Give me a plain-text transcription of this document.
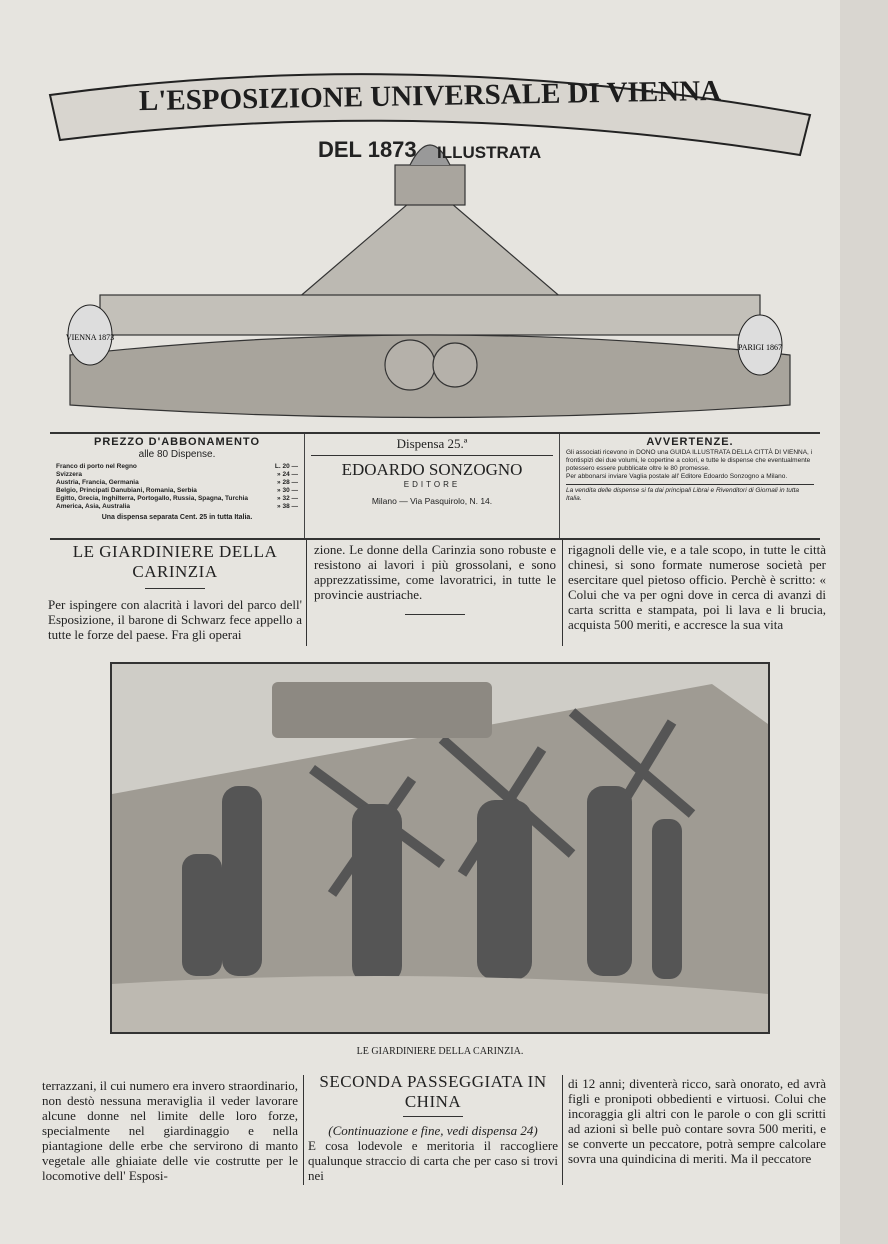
VIENNA 1873
PARIGI 1867
L'ESPOSIZIONE UNIVERSALE DI VIENNA
DEL 1873 ILLUSTRATA
PREZZO D'ABBONAMENTO
alle 80 Dispense.
Franco di porto nel Regno	L. 20 —
Svizzera	» 24 —
Austria, Francia, Germania	» 28 —
Belgio, Principati Danubiani, Romania, Serbia	» 30 —
Egitto, Grecia, Inghilterra, Portogallo, Russia, Spagna, Turchia	» 32 —
America, Asia, Australia	» 38 —
Una dispensa separata Cent. 25 in tutta Italia.
Dispensa 25.ª
EDOARDO SONZOGNO
EDITORE
Milano — Via Pasquirolo, N. 14.
AVVERTENZE.
Gli associati ricevono in DONO una GUIDA ILLUSTRATA DELLA CITTÀ DI VIENNA, i frontispizi dei due volumi, le copertine a colori, e tutte le dispense che eventualmente potessero essere pubblicate oltre le 80 promesse.
Per abbonarsi inviare Vaglia postale all' Editore Edoardo Sonzogno a Milano.
La vendita delle dispense si fa dai principali Librai e Rivenditori di Giornali in tutta Italia.
LE GIARDINIERE DELLA CARINZIA
Per ispingere con alacrità i lavori del parco dell' Esposizione, il barone di Schwarz fece appello a tutte le forze del paese. Fra gli operai
zione. Le donne della Carinzia sono robuste e resistono ai lavori i più grossolani, e sono apprezzatissime, come lavoratrici, in tutte le provincie austriache.
rigagnoli delle vie, e a tale scopo, in tutte le città chinesi, si sono formate numerose società per esercitare quel pietoso officio. Perchè è scritto: « Colui che va per ogni dove in cerca di avanzi di carta scritta e stampata, poi li lava e li brucia, acquista 500 meriti, e accresce la sua vita
LE GIARDINIERE DELLA CARINZIA.
terrazzani, il cui numero era invero straordinario, non destò nessuna meraviglia il veder lavorare alcune donne nel limite delle loro forze, specialmente nel giardinaggio e nella piantagione delle erbe che servirono di manto vegetale alle ghiaiate delle vie costrutte per le locomotive dell' Esposi-
SECONDA PASSEGGIATA IN CHINA
(Continuazione e fine, vedi dispensa 24)
E cosa lodevole e meritoria il raccogliere qualunque straccio di carta che per caso si trovi nei
di 12 anni; diventerà ricco, sarà onorato, ed avrà figli e pronipoti obbedienti e virtuosi. Colui che incoraggia gli altri con le parole o con gli scritti ad azioni sì belle può contare sovra 500 meriti, e se converte un peccatore, potrà sempre calcolare sovra una quindicina di meriti. Ma il peccatore
